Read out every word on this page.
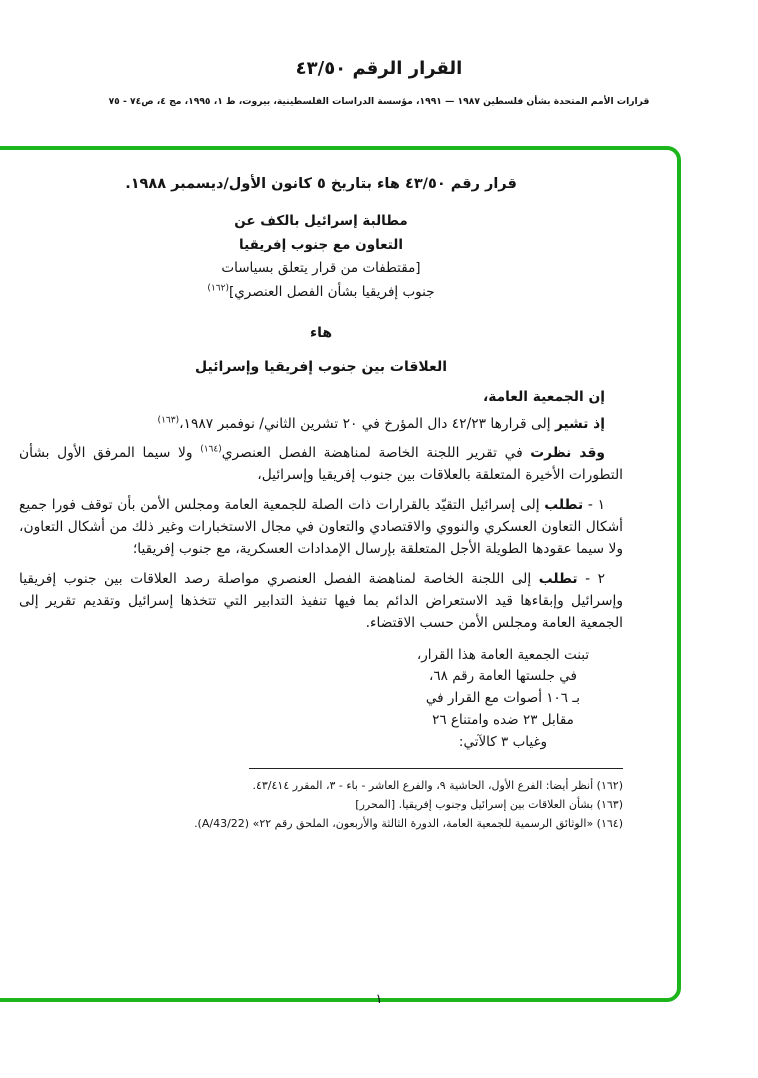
القرار الرقم ٤٣/٥٠
قرارات الأمم المتحدة بشأن فلسطين ١٩٨٧ — ١٩٩١، مؤسسة الدراسات الفلسطينية، بيروت، ط ١، ١٩٩٥، مج ٤، ص٧٤ - ٧٥
قرار رقم ٤٣/٥٠ هاء بتاريخ ٥ كانون الأول/ديسمبر ١٩٨٨.
مطالبة إسرائيل بالكف عن
التعاون مع جنوب إفريقيا
[مقتطفات من قرار يتعلق بسياسات
جنوب إفريقيا بشأن الفصل العنصري]$^{(١٦٢)}$
هاء
العلاقات بين جنوب إفريقيا وإسرائيل

إن الجمعية العامة،

إذ تشير إلى قرارها ٤٢/٢٣ دال المؤرخ في ٢٠ تشرين الثاني/ نوفمبر ١٩٨٧،$^{(١٦٣)}$

وقد نظرت في تقرير اللجنة الخاصة لمناهضة الفصل العنصري$^{(١٦٤)}$ ولا سيما المرفق الأول بشأن التطورات الأخيرة المتعلقة بالعلاقات بين جنوب إفريقيا وإسرائيل،

١ - تطلب إلى إسرائيل التقيّد بالقرارات ذات الصلة للجمعية العامة ومجلس الأمن بأن توقف فورا جميع أشكال التعاون العسكري والنووي والاقتصادي والتعاون في مجال الاستخبارات وغير ذلك من أشكال التعاون، ولا سيما عقودها الطويلة الأجل المتعلقة بإرسال الإمدادات العسكرية، مع جنوب إفريقيا؛

٢ - تطلب إلى اللجنة الخاصة لمناهضة الفصل العنصري مواصلة رصد العلاقات بين جنوب إفريقيا وإسرائيل وإبقاءها قيد الاستعراض الدائم بما فيها تنفيذ التدابير التي تتخذها إسرائيل وتقديم تقرير إلى الجمعية العامة ومجلس الأمن حسب الاقتضاء.

تبنت الجمعية العامة هذا القرار،
في جلستها العامة رقم ٦٨،
بـ ١٠٦ أصوات مع القرار في
مقابل ٢٣ ضده وامتناع ٢٦
وغياب ٣ كالآتي:
(١٦٢) أنظر أيضا: الفرع الأول، الحاشية ٩، والفرع العاشر - باء - ٣، المقرر ٤٣/٤١٤.
(١٦٣) بشأن العلاقات بين إسرائيل وجنوب إفريقيا. [المحرر]
(١٦٤) «الوثائق الرسمية للجمعية العامة، الدورة الثالثة والأربعون، الملحق رقم ٢٢» (A/43/22).
١
